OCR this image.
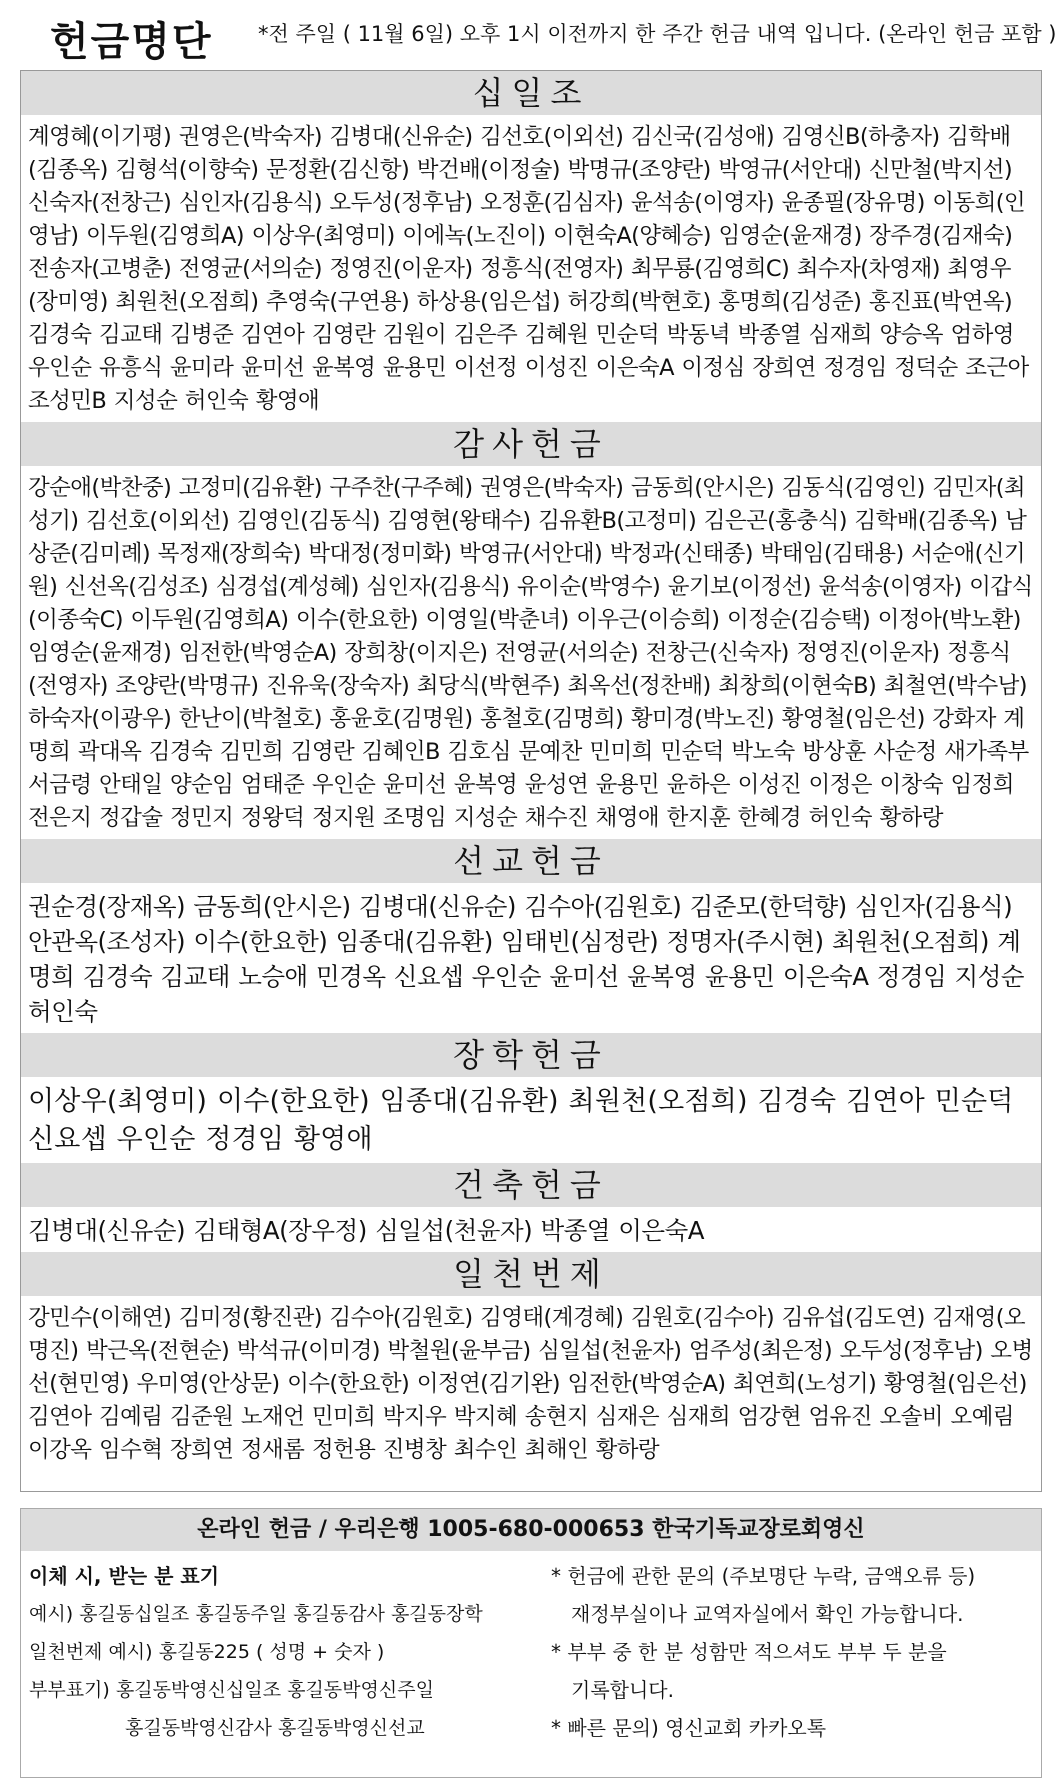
헌금명단 *전 주일 ( 11월 6일) 오후 1시 이전까지 한 주간 헌금 내역 입니다. (온라인 헌금 포함 )
십일조
계영혜(이기평) 권영은(박숙자) 김병대(신유순) 김선호(이외선) 김신국(김성애) 김영신B(하충자) 김학배(김종옥) 김형석(이향숙) 문정환(김신항) 박건배(이정술) 박명규(조양란) 박영규(서안대) 신만철(박지선) 신숙자(전창근) 심인자(김용식) 오두성(정후남) 오정훈(김심자) 윤석송(이영자) 윤종필(장유명) 이동희(인영남) 이두원(김영희A) 이상우(최영미) 이에녹(노진이) 이현숙A(양혜승) 임영순(윤재경) 장주경(김재숙) 전송자(고병춘) 전영균(서의순) 정영진(이운자) 정흥식(전영자) 최무룡(김영희C) 최수자(차영재) 최영우(장미영) 최원천(오점희) 추영숙(구연용) 하상용(임은섭) 허강희(박현호) 홍명희(김성준) 홍진표(박연옥) 김경숙 김교태 김병준 김연아 김영란 김원이 김은주 김혜원 민순덕 박동녁 박종열 심재희 양승옥 엄하영 우인순 유흥식 윤미라 윤미선 윤복영 윤용민 이선정 이성진 이은숙A 이정심 장희연 정경임 정덕순 조근아 조성민B 지성순 허인숙 황영애
감사헌금
강순애(박찬중) 고정미(김유환) 구주찬(구주혜) 권영은(박숙자) 금동희(안시은) 김동식(김영인) 김민자(최성기) 김선호(이외선) 김영인(김동식) 김영현(왕태수) 김유환B(고정미) 김은곤(홍충식) 김학배(김종옥) 남상준(김미례) 목정재(장희숙) 박대정(정미화) 박영규(서안대) 박정과(신태종) 박태임(김태용) 서순애(신기원) 신선옥(김성조) 심경섭(계성혜) 심인자(김용식) 유이순(박영수) 윤기보(이정선) 윤석송(이영자) 이갑식(이종숙C) 이두원(김영희A) 이수(한요한) 이영일(박춘녀) 이우근(이승희) 이정순(김승택) 이정아(박노환) 임영순(윤재경) 임전한(박영순A) 장희창(이지은) 전영균(서의순) 전창근(신숙자) 정영진(이운자) 정흥식(전영자) 조양란(박명규) 진유욱(장숙자) 최당식(박현주) 최옥선(정찬배) 최창희(이현숙B) 최철연(박수남) 하숙자(이광우) 한난이(박철호) 홍윤호(김명원) 홍철호(김명희) 황미경(박노진) 황영철(임은선) 강화자 계명희 곽대옥 김경숙 김민희 김영란 김혜인B 김호심 문예찬 민미희 민순덕 박노숙 방상훈 사순정 새가족부 서금령 안태일 양순임 엄태준 우인순 윤미선 윤복영 윤성연 윤용민 윤하은 이성진 이정은 이창숙 임정희 전은지 정갑술 정민지 정왕덕 정지원 조명임 지성순 채수진 채영애 한지훈 한혜경 허인숙 황하랑
선교헌금
권순경(장재옥) 금동희(안시은) 김병대(신유순) 김수아(김원호) 김준모(한덕향) 심인자(김용식) 안관옥(조성자) 이수(한요한) 임종대(김유환) 임태빈(심정란) 정명자(주시현) 최원천(오점희) 계명희 김경숙 김교태 노승애 민경옥 신요셉 우인순 윤미선 윤복영 윤용민 이은숙A 정경임 지성순 허인숙
장학헌금
이상우(최영미) 이수(한요한) 임종대(김유환) 최원천(오점희) 김경숙 김연아 민순덕 신요셉 우인순 정경임 황영애
건축헌금
김병대(신유순) 김태형A(장우정) 심일섭(천윤자) 박종열 이은숙A
일천번제
강민수(이해연) 김미정(황진관) 김수아(김원호) 김영태(계경혜) 김원호(김수아) 김유섭(김도연) 김재영(오명진) 박근옥(전현순) 박석규(이미경) 박철원(윤부금) 심일섭(천윤자) 엄주성(최은정) 오두성(정후남) 오병선(현민영) 우미영(안상문) 이수(한요한) 이정연(김기완) 임전한(박영순A) 최연희(노성기) 황영철(임은선) 김연아 김예림 김준원 노재언 민미희 박지우 박지혜 송현지 심재은 심재희 엄강현 엄유진 오솔비 오예림 이강옥 임수혁 장희연 정새롬 정헌용 진병창 최수인 최해인 황하랑
온라인 헌금 / 우리은행 1005-680-000653 한국기독교장로회영신
이체 시, 받는 분 표기
예시) 홍길동십일조 홍길동주일 홍길동감사 홍길동장학
일천번제 예시) 홍길동225 ( 성명 + 숫자 )
부부표기) 홍길동박영신십일조 홍길동박영신주일
홍길동박영신감사 홍길동박영신선교
* 헌금에 관한 문의 (주보명단 누락, 금액오류 등)
재정부실이나 교역자실에서 확인 가능합니다.
* 부부 중 한 분 성함만 적으셔도 부부 두 분을
기록합니다.
* 빠른 문의) 영신교회 카카오톡
